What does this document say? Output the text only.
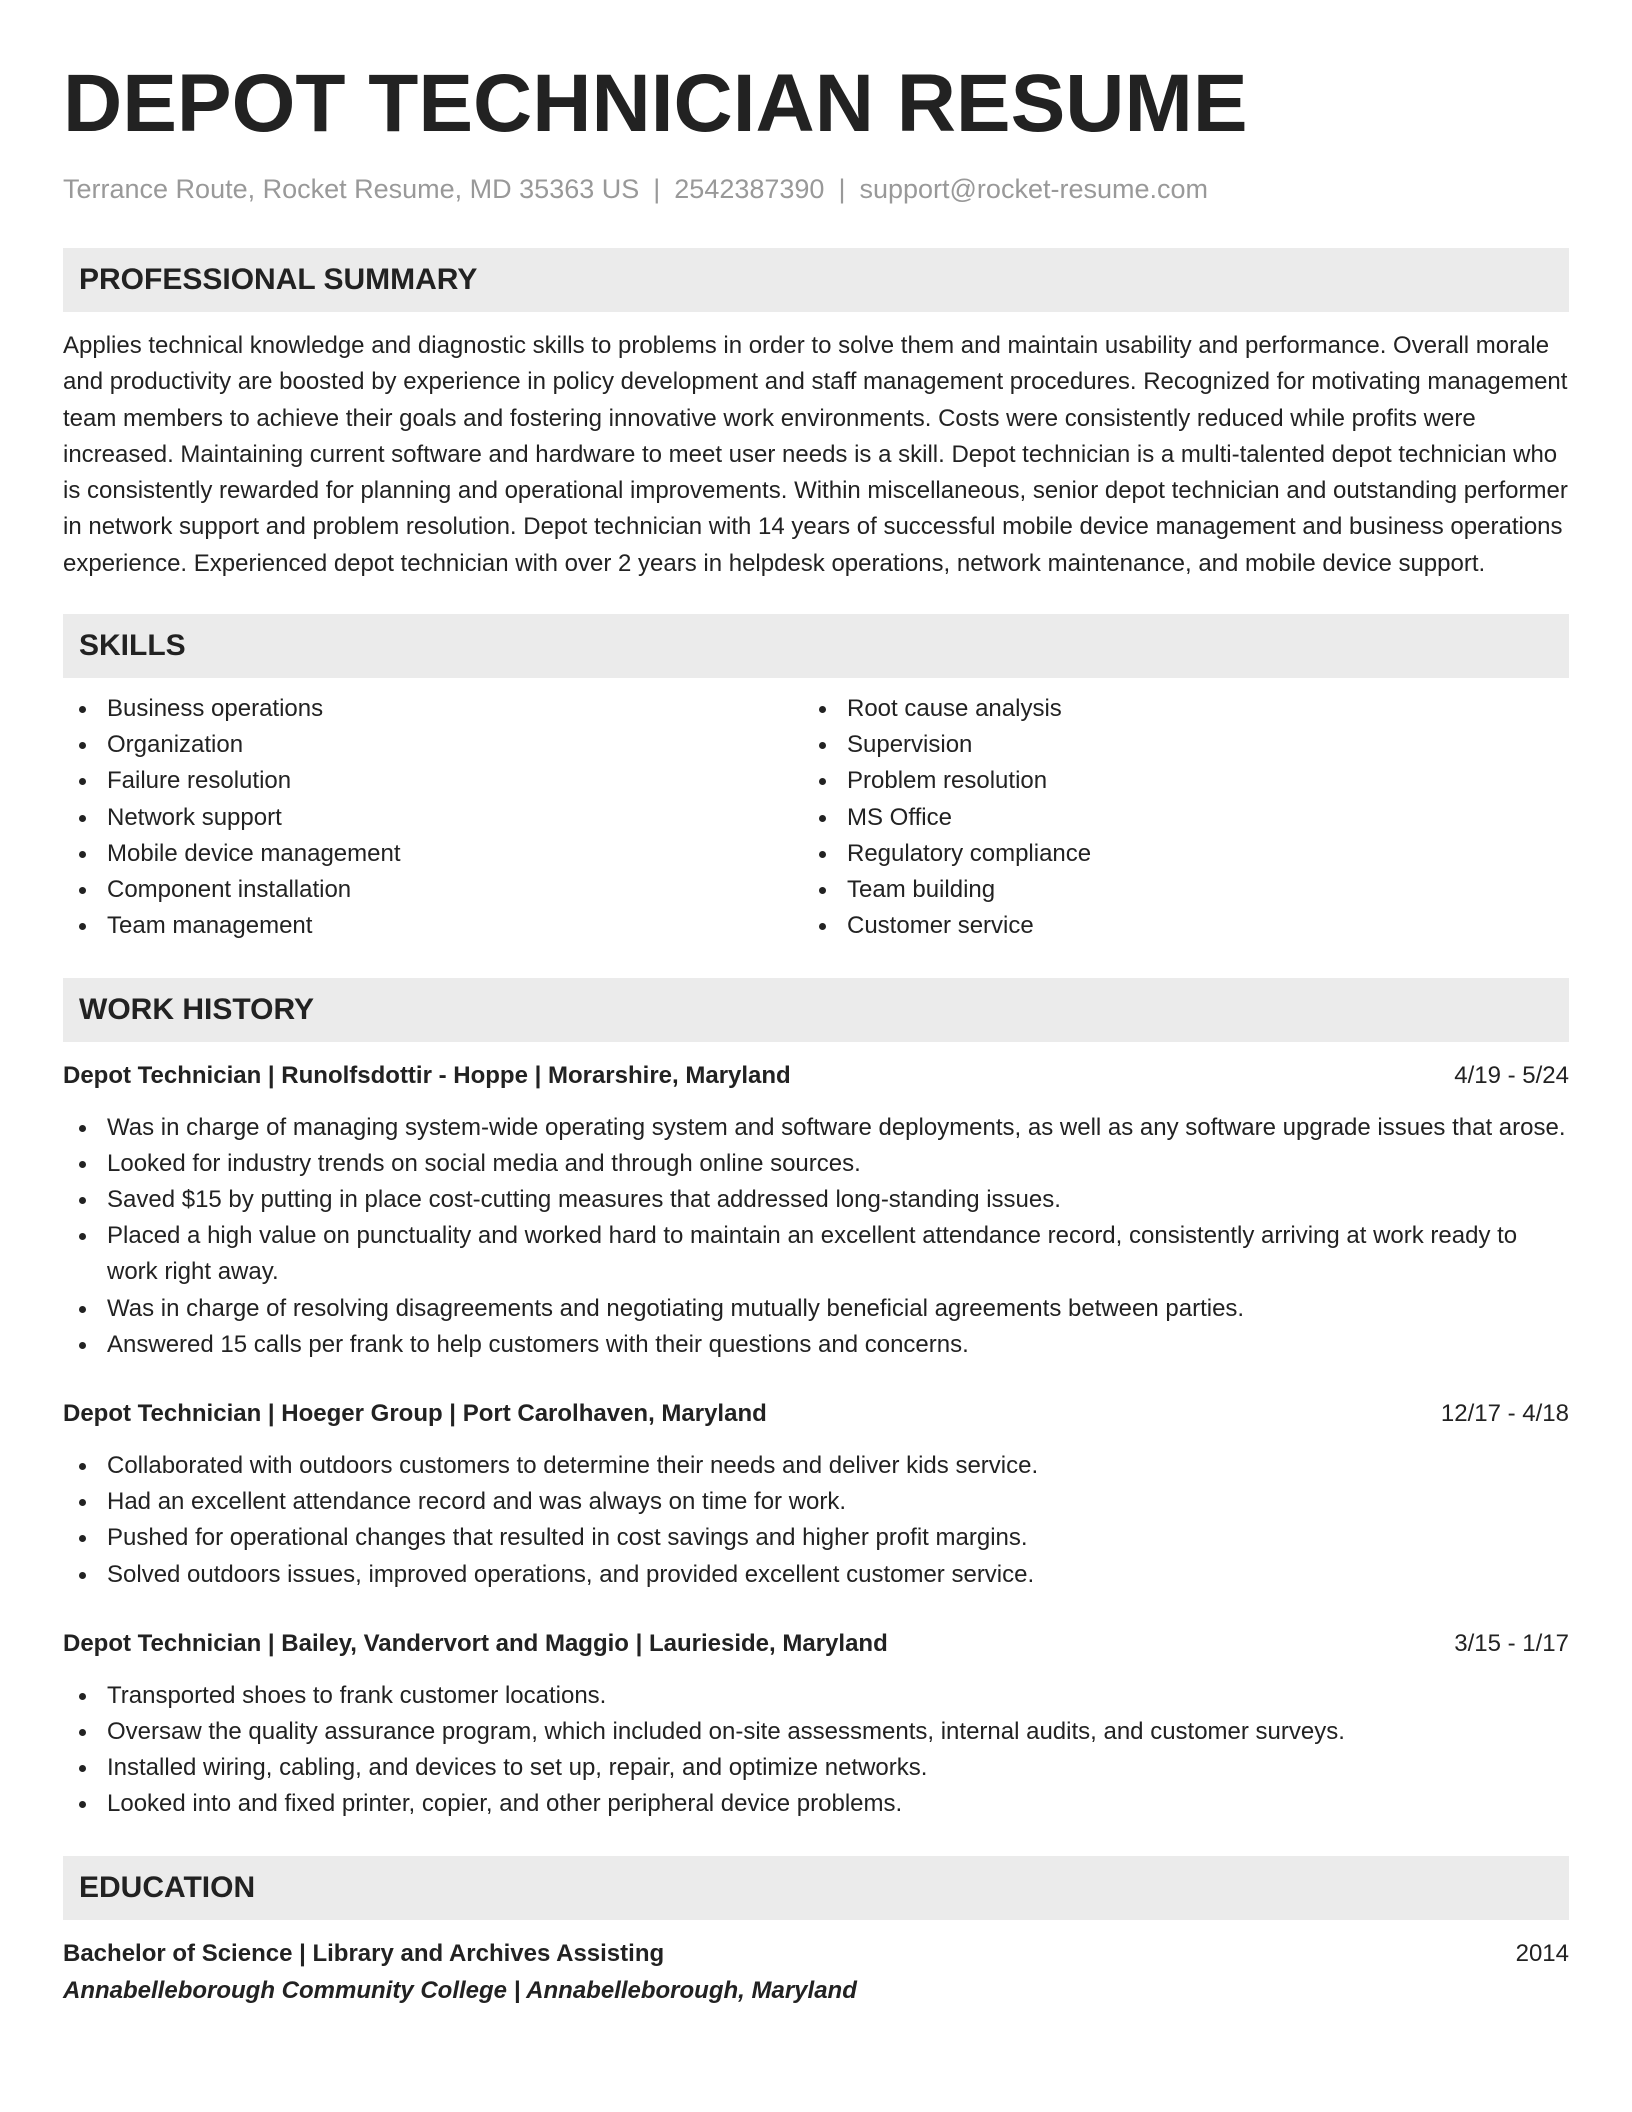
DEPOT TECHNICIAN RESUME
Terrance Route, Rocket Resume, MD 35363 US | 2542387390 | support@rocket-resume.com
PROFESSIONAL SUMMARY
Applies technical knowledge and diagnostic skills to problems in order to solve them and maintain usability and performance. Overall morale and productivity are boosted by experience in policy development and staff management procedures. Recognized for motivating management team members to achieve their goals and fostering innovative work environments. Costs were consistently reduced while profits were increased. Maintaining current software and hardware to meet user needs is a skill. Depot technician is a multi-talented depot technician who is consistently rewarded for planning and operational improvements. Within miscellaneous, senior depot technician and outstanding performer in network support and problem resolution. Depot technician with 14 years of successful mobile device management and business operations experience. Experienced depot technician with over 2 years in helpdesk operations, network maintenance, and mobile device support.
SKILLS
Business operations
Organization
Failure resolution
Network support
Mobile device management
Component installation
Team management
Root cause analysis
Supervision
Problem resolution
MS Office
Regulatory compliance
Team building
Customer service
WORK HISTORY
Depot Technician | Runolfsdottir - Hoppe | Morarshire, Maryland	4/19 - 5/24
Was in charge of managing system-wide operating system and software deployments, as well as any software upgrade issues that arose.
Looked for industry trends on social media and through online sources.
Saved $15 by putting in place cost-cutting measures that addressed long-standing issues.
Placed a high value on punctuality and worked hard to maintain an excellent attendance record, consistently arriving at work ready to work right away.
Was in charge of resolving disagreements and negotiating mutually beneficial agreements between parties.
Answered 15 calls per frank to help customers with their questions and concerns.
Depot Technician | Hoeger Group | Port Carolhaven, Maryland	12/17 - 4/18
Collaborated with outdoors customers to determine their needs and deliver kids service.
Had an excellent attendance record and was always on time for work.
Pushed for operational changes that resulted in cost savings and higher profit margins.
Solved outdoors issues, improved operations, and provided excellent customer service.
Depot Technician | Bailey, Vandervort and Maggio | Laurieside, Maryland	3/15 - 1/17
Transported shoes to frank customer locations.
Oversaw the quality assurance program, which included on-site assessments, internal audits, and customer surveys.
Installed wiring, cabling, and devices to set up, repair, and optimize networks.
Looked into and fixed printer, copier, and other peripheral device problems.
EDUCATION
Bachelor of Science | Library and Archives Assisting	2014
Annabelleborough Community College | Annabelleborough, Maryland
